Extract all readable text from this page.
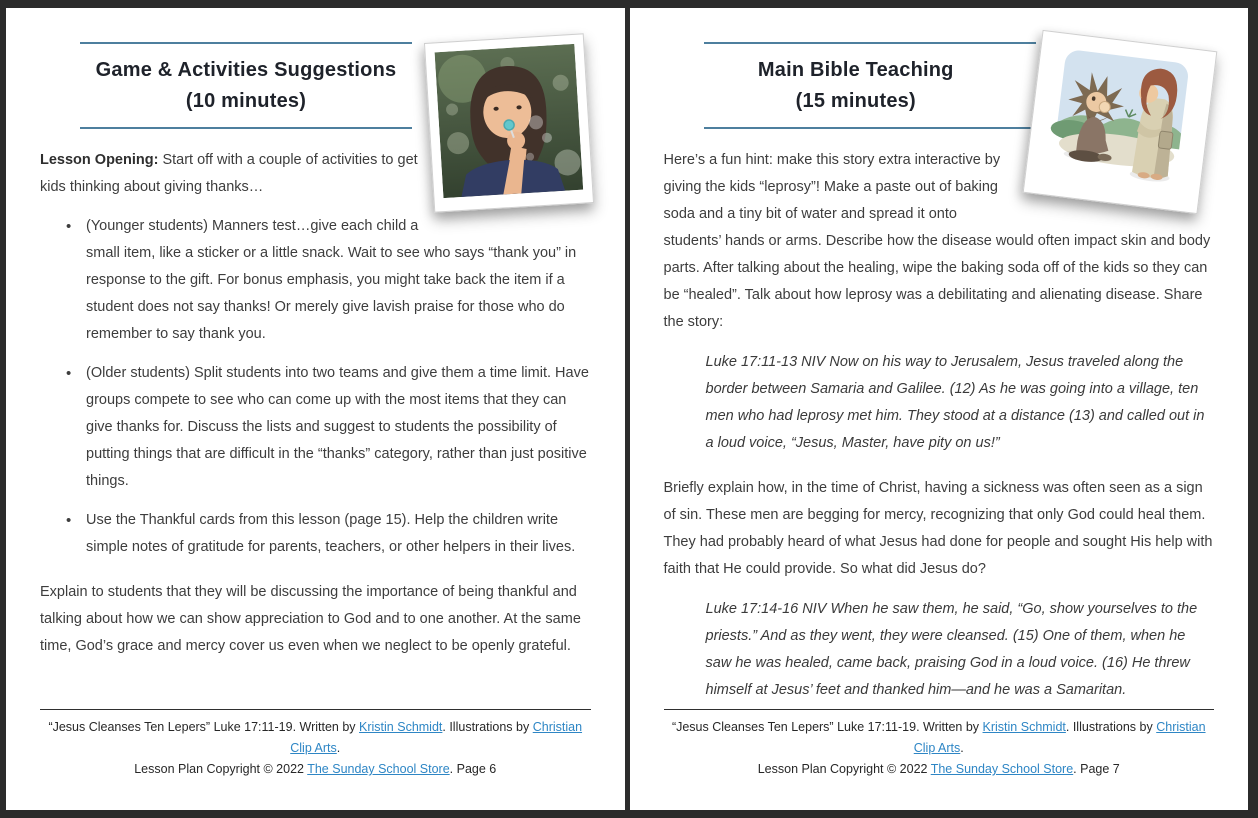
Game & Activities Suggestions
(10 minutes)

Lesson Opening: Start off with a couple of activities to get kids thinking about giving thanks…

• (Younger students) Manners test…give each child a small item, like a sticker or a little snack. Wait to see who says “thank you” in response to the gift. For bonus emphasis, you might take back the item if a student does not say thanks! Or merely give lavish praise for those who do remember to say thank you.
• (Older students) Split students into two teams and give them a time limit. Have groups compete to see who can come up with the most items that they can give thanks for. Discuss the lists and suggest to students the possibility of putting things that are difficult in the “thanks” category, rather than just positive things.
• Use the Thankful cards from this lesson (page 15). Help the children write simple notes of gratitude for parents, teachers, or other helpers in their lives.

Explain to students that they will be discussing the importance of being thankful and talking about how we can show appreciation to God and to one another. At the same time, God’s grace and mercy cover us even when we neglect to be openly grateful.

“Jesus Cleanses Ten Lepers” Luke 17:11-19. Written by Kristin Schmidt. Illustrations by Christian Clip Arts.
Lesson Plan Copyright © 2022 The Sunday School Store. Page 6
Main Bible Teaching
(15 minutes)

Here’s a fun hint: make this story extra interactive by giving the kids “leprosy”! Make a paste out of baking soda and a tiny bit of water and spread it onto students’ hands or arms. Describe how the disease would often impact skin and body parts. After talking about the healing, wipe the baking soda off of the kids so they can be “healed”. Talk about how leprosy was a debilitating and alienating disease. Share the story:

Luke 17:11-13 NIV Now on his way to Jerusalem, Jesus traveled along the border between Samaria and Galilee. (12) As he was going into a village, ten men who had leprosy met him. They stood at a distance (13) and called out in a loud voice, “Jesus, Master, have pity on us!”

Briefly explain how, in the time of Christ, having a sickness was often seen as a sign of sin. These men are begging for mercy, recognizing that only God could heal them. They had probably heard of what Jesus had done for people and sought His help with faith that He could provide. So what did Jesus do?

Luke 17:14-16 NIV When he saw them, he said, “Go, show yourselves to the priests.” And as they went, they were cleansed. (15) One of them, when he saw he was healed, came back, praising God in a loud voice. (16) He threw himself at Jesus’ feet and thanked him—and he was a Samaritan.

“Jesus Cleanses Ten Lepers” Luke 17:11-19. Written by Kristin Schmidt. Illustrations by Christian Clip Arts.
Lesson Plan Copyright © 2022 The Sunday School Store. Page 7
